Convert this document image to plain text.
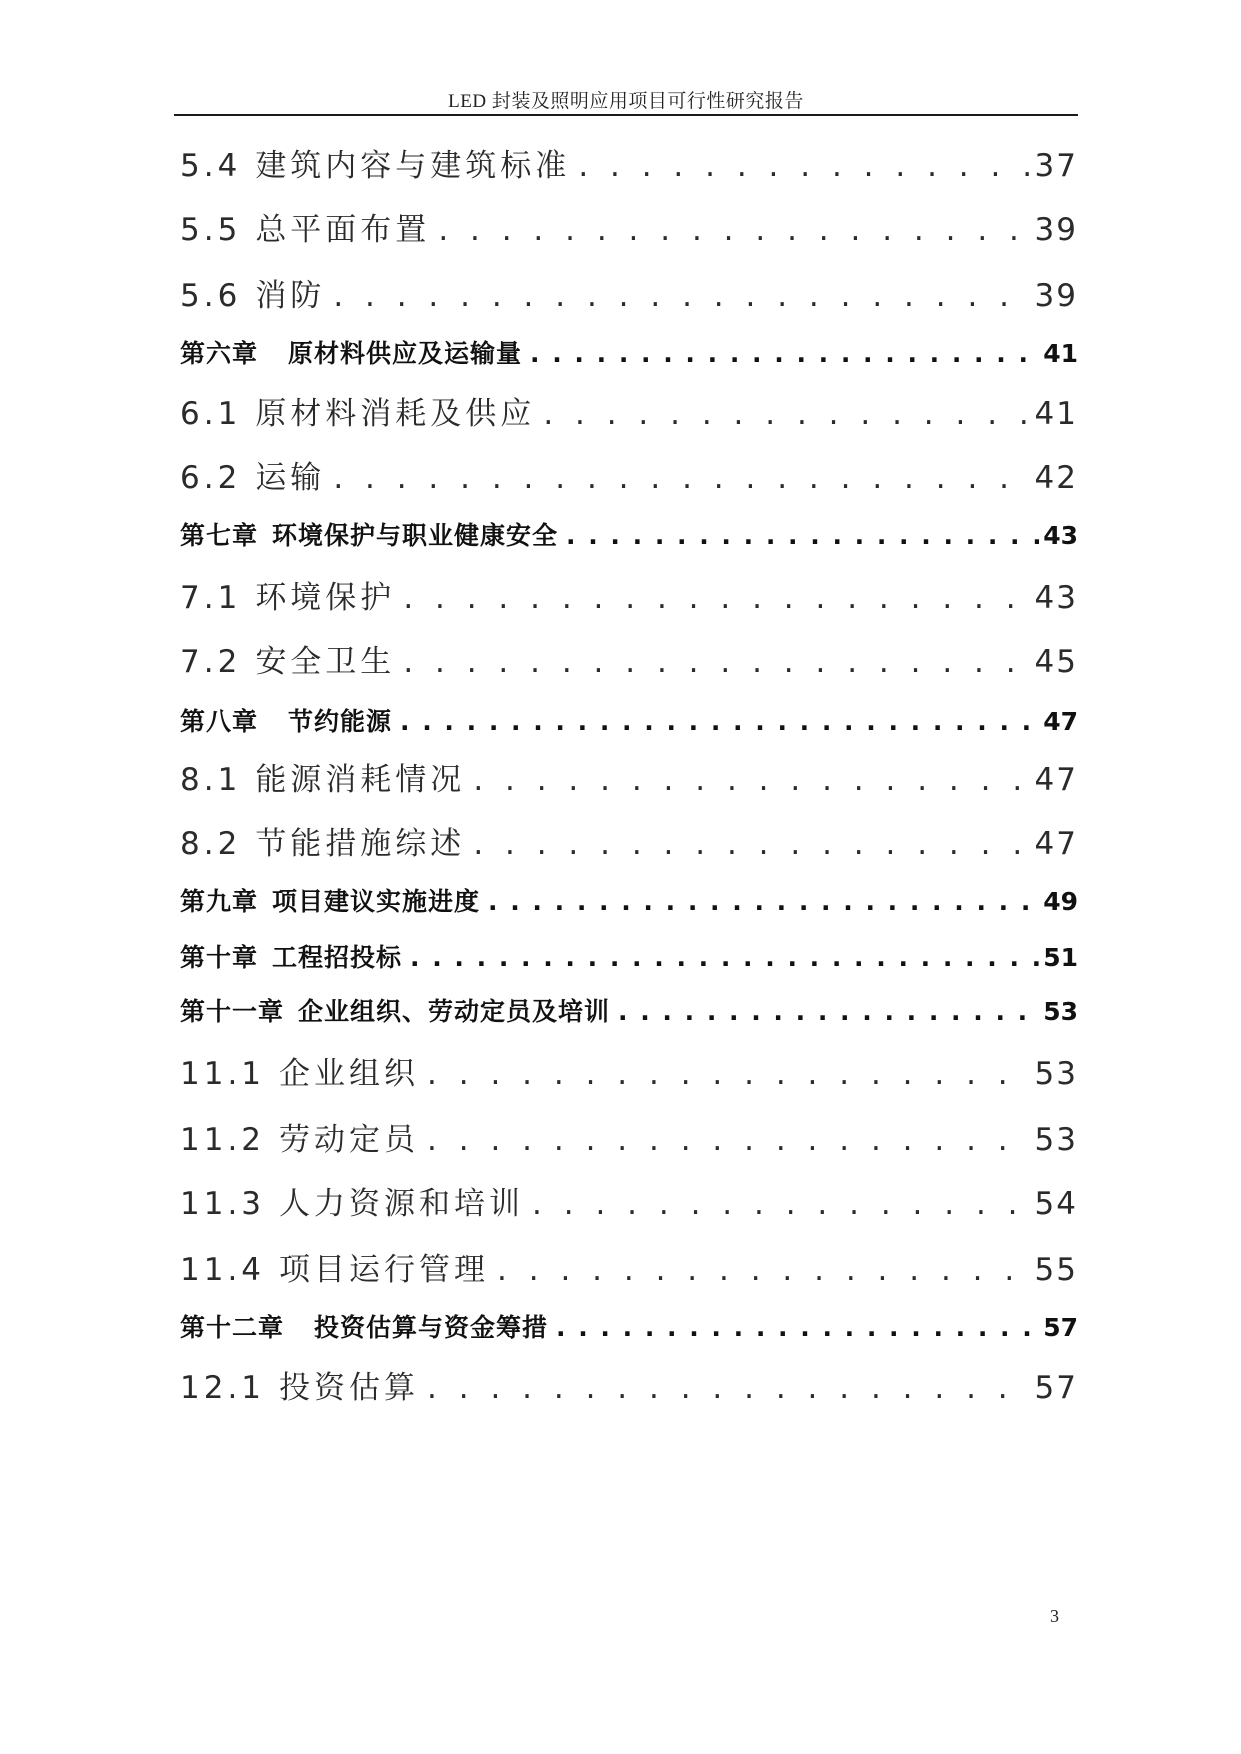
LED 封装及照明应用项目可行性研究报告
5.4 建筑内容与建筑标准 . . .	37
5.5 总平面布置 . . .	39
5.6 消防 . . .	39
第六章 原材料供应及运输量 . . .	41
6.1 原材料消耗及供应 . . .	41
6.2 运输 . . .	42
第七章 环境保护与职业健康安全 . . .	43
7.1 环境保护 . . .	43
7.2 安全卫生 . . .	45
第八章 节约能源 . . .	47
8.1 能源消耗情况 . . .	47
8.2 节能措施综述 . . .	47
第九章 项目建议实施进度 . . .	49
第十章 工程招投标 . . .	51
第十一章 企业组织、劳动定员及培训 . . .	53
11.1 企业组织 . . .	53
11.2 劳动定员 . . .	53
11.3 人力资源和培训 . . .	54
11.4 项目运行管理 . . .	55
第十二章 投资估算与资金筹措 . . .	57
12.1 投资估算 . . .	57
3
